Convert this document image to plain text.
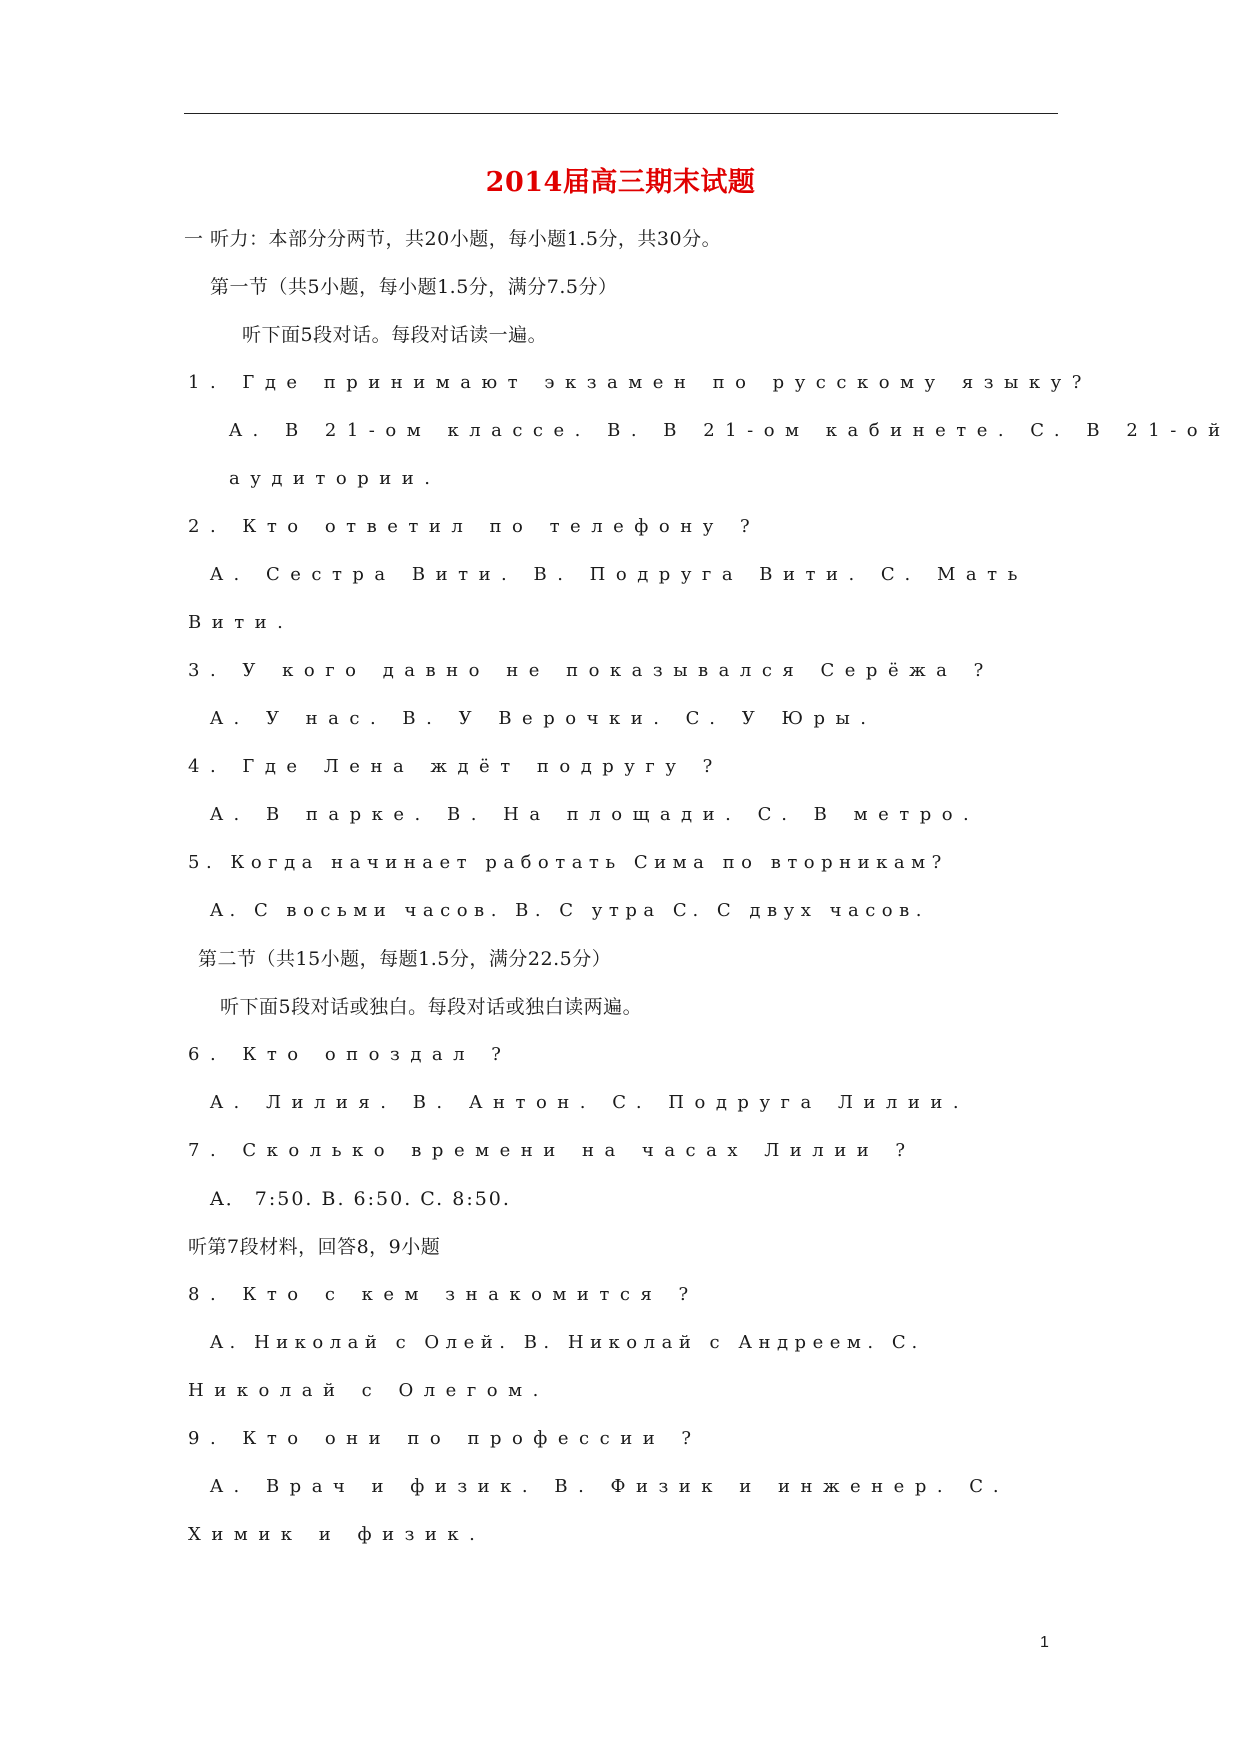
2014届高三期末试题
一 听力：本部分分两节，共20小题，每小题1.5分，共30分。
第一节（共5小题，每小题1.5分，满分7.5分）
听下面5段对话。每段对话读一遍。
1. Где принимают экзамен по русскому языку?
A. В 21-ом классе. B. В 21-ом кабинете. C. В 21-ой
аудитории.
2. Кто ответил по телефону ?
A. Сестра Вити. B. Подруга Вити. C. Мать
Вити.
3. У кого давно не показывался Серёжа ?
A. У нас. B. У Верочки. C. У Юры.
4. Где Лена ждёт подругу ?
A. В парке. B. На площади. C. В метро.
5. Когда начинает работать Сима по вторникам?
A. С восьми часов. B. С утра C. С двух часов.
第二节（共15小题，每题1.5分，满分22.5分）
听下面5段对话或独白。每段对话或独白读两遍。
6. Кто опоздал ?
A. Лилия. B. Антон. C. Подруга Лилии.
7. Сколько времени на часах Лилии ?
A． 7:50. B. 6:50. C. 8:50.
听第7段材料，回答8，9小题
8. Кто с кем знакомится ?
A. Николай с Олей. B. Николай с Андреем. C.
Николай с Олегом.
9. Кто они по профессии ?
A. Врач и физик. B. Физик и инженер. C.
Химик и физик.
1
